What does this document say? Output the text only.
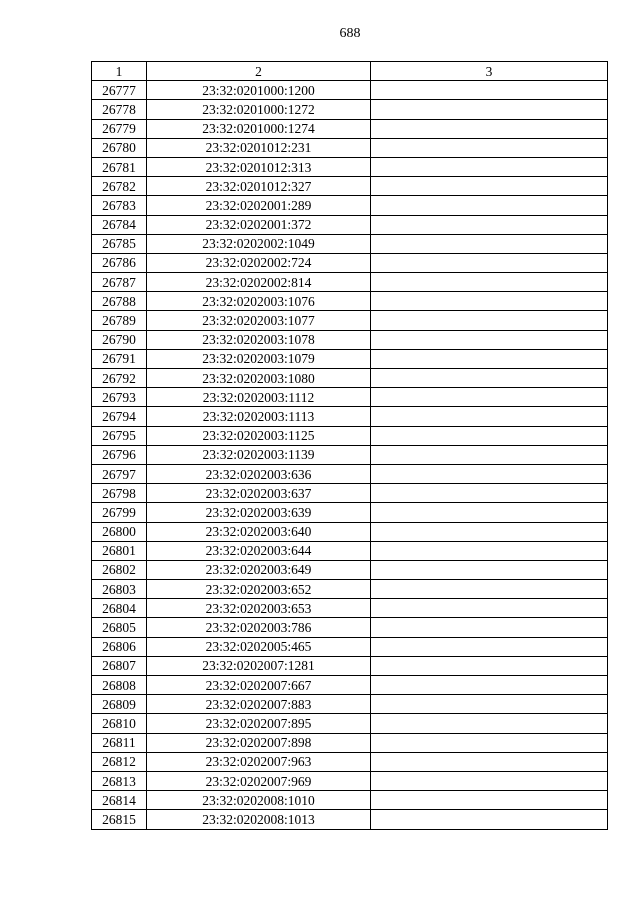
688
1	2	3
26777	23:32:0201000:1200	
26778	23:32:0201000:1272	
26779	23:32:0201000:1274	
26780	23:32:0201012:231	
26781	23:32:0201012:313	
26782	23:32:0201012:327	
26783	23:32:0202001:289	
26784	23:32:0202001:372	
26785	23:32:0202002:1049	
26786	23:32:0202002:724	
26787	23:32:0202002:814	
26788	23:32:0202003:1076	
26789	23:32:0202003:1077	
26790	23:32:0202003:1078	
26791	23:32:0202003:1079	
26792	23:32:0202003:1080	
26793	23:32:0202003:1112	
26794	23:32:0202003:1113	
26795	23:32:0202003:1125	
26796	23:32:0202003:1139	
26797	23:32:0202003:636	
26798	23:32:0202003:637	
26799	23:32:0202003:639	
26800	23:32:0202003:640	
26801	23:32:0202003:644	
26802	23:32:0202003:649	
26803	23:32:0202003:652	
26804	23:32:0202003:653	
26805	23:32:0202003:786	
26806	23:32:0202005:465	
26807	23:32:0202007:1281	
26808	23:32:0202007:667	
26809	23:32:0202007:883	
26810	23:32:0202007:895	
26811	23:32:0202007:898	
26812	23:32:0202007:963	
26813	23:32:0202007:969	
26814	23:32:0202008:1010	
26815	23:32:0202008:1013	
